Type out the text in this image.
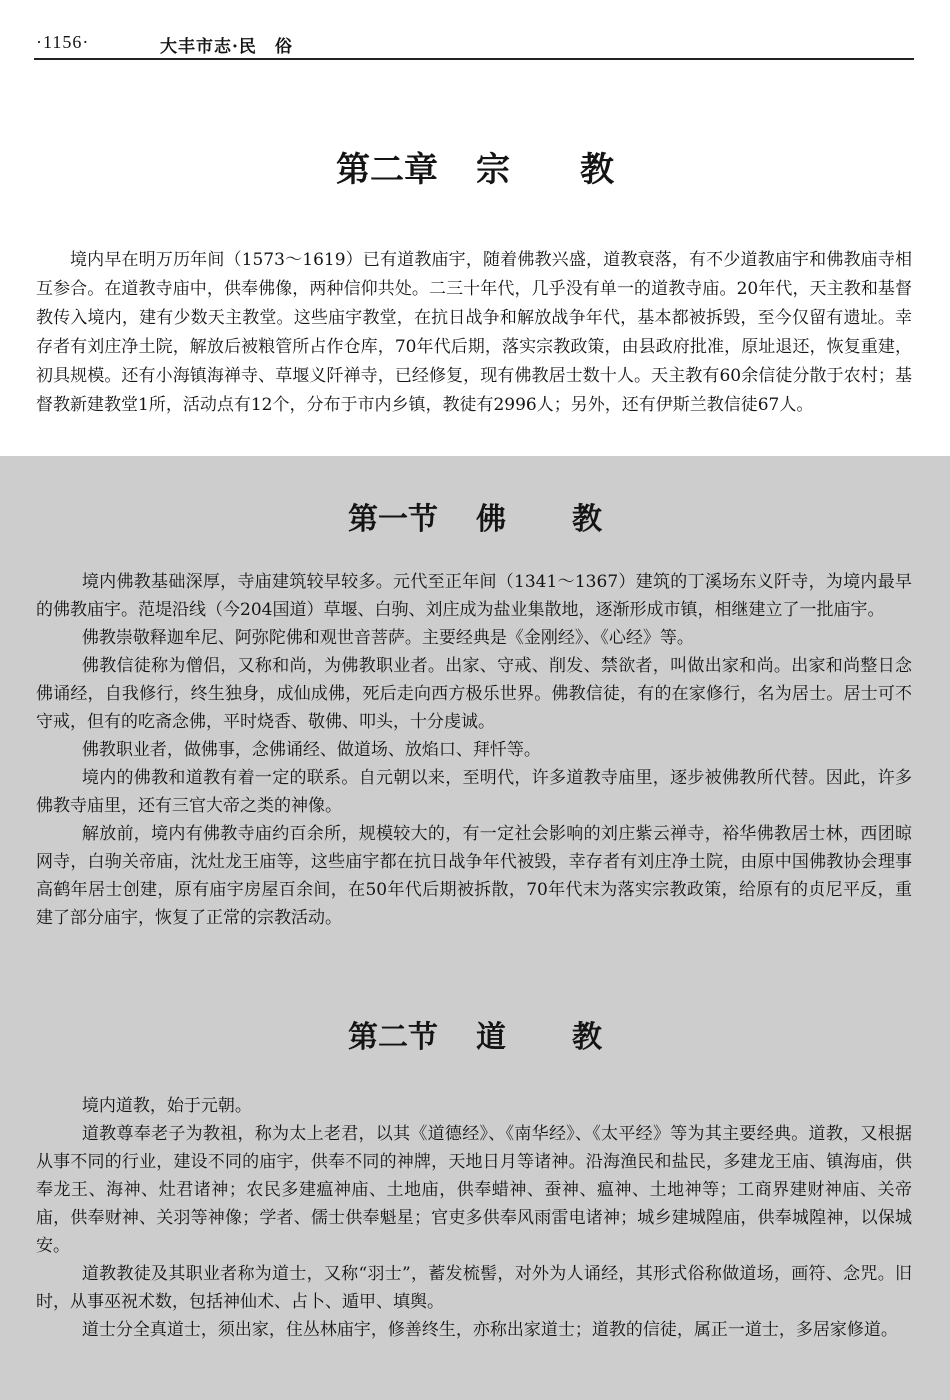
·1156·	大丰市志·民　俗
第二章 宗 教

境内早在明万历年间（1573～1619）已有道教庙宇，随着佛教兴盛，道教衰落，有不少道教庙宇和佛教庙寺相互参合。在道教寺庙中，供奉佛像，两种信仰共处。二三十年代，几乎没有单一的道教寺庙。20年代，天主教和基督教传入境内，建有少数天主教堂。这些庙宇教堂，在抗日战争和解放战争年代，基本都被拆毁，至今仅留有遗址。幸存者有刘庄净土院，解放后被粮管所占作仓库，70年代后期，落实宗教政策，由县政府批准，原址退还，恢复重建，初具规模。还有小海镇海禅寺、草堰义阡禅寺，已经修复，现有佛教居士数十人。天主教有60余信徒分散于农村；基督教新建教堂1所，活动点有12个，分布于市内乡镇，教徒有2996人；另外，还有伊斯兰教信徒67人。

第一节 佛 教

境内佛教基础深厚，寺庙建筑较早较多。元代至正年间（1341～1367）建筑的丁溪场东义阡寺，为境内最早的佛教庙宇。范堤沿线（今204国道）草堰、白驹、刘庄成为盐业集散地，逐渐形成市镇，相继建立了一批庙宇。

佛教崇敬释迦牟尼、阿弥陀佛和观世音菩萨。主要经典是《金刚经》、《心经》等。

佛教信徒称为僧侣，又称和尚，为佛教职业者。出家、守戒、削发、禁欲者，叫做出家和尚。出家和尚整日念佛诵经，自我修行，终生独身，成仙成佛，死后走向西方极乐世界。佛教信徒，有的在家修行，名为居士。居士可不守戒，但有的吃斋念佛，平时烧香、敬佛、叩头，十分虔诚。

佛教职业者，做佛事，念佛诵经、做道场、放焰口、拜忏等。

境内的佛教和道教有着一定的联系。自元朝以来，至明代，许多道教寺庙里，逐步被佛教所代替。因此，许多佛教寺庙里，还有三官大帝之类的神像。

解放前，境内有佛教寺庙约百余所，规模较大的，有一定社会影响的刘庄紫云禅寺，裕华佛教居士林，西团晾网寺，白驹关帝庙，沈灶龙王庙等，这些庙宇都在抗日战争年代被毁，幸存者有刘庄净土院，由原中国佛教协会理事高鹤年居士创建，原有庙宇房屋百余间，在50年代后期被拆散，70年代末为落实宗教政策，给原有的贞尼平反，重建了部分庙宇，恢复了正常的宗教活动。

第二节 道 教

境内道教，始于元朝。

道教尊奉老子为教祖，称为太上老君，以其《道德经》、《南华经》、《太平经》等为其主要经典。道教，又根据从事不同的行业，建设不同的庙宇，供奉不同的神牌，天地日月等诸神。沿海渔民和盐民，多建龙王庙、镇海庙，供奉龙王、海神、灶君诸神；农民多建瘟神庙、土地庙，供奉蜡神、蚕神、瘟神、土地神等；工商界建财神庙、关帝庙，供奉财神、关羽等神像；学者、儒士供奉魁星；官吏多供奉风雨雷电诸神；城乡建城隍庙，供奉城隍神，以保城安。

道教教徒及其职业者称为道士，又称“羽士”，蓄发梳髻，对外为人诵经，其形式俗称做道场，画符、念咒。旧时，从事巫祝术数，包括神仙术、占卜、遁甲、填舆。

道士分全真道士，须出家，住丛林庙宇，修善终生，亦称出家道士；道教的信徒，属正一道士，多居家修道。
